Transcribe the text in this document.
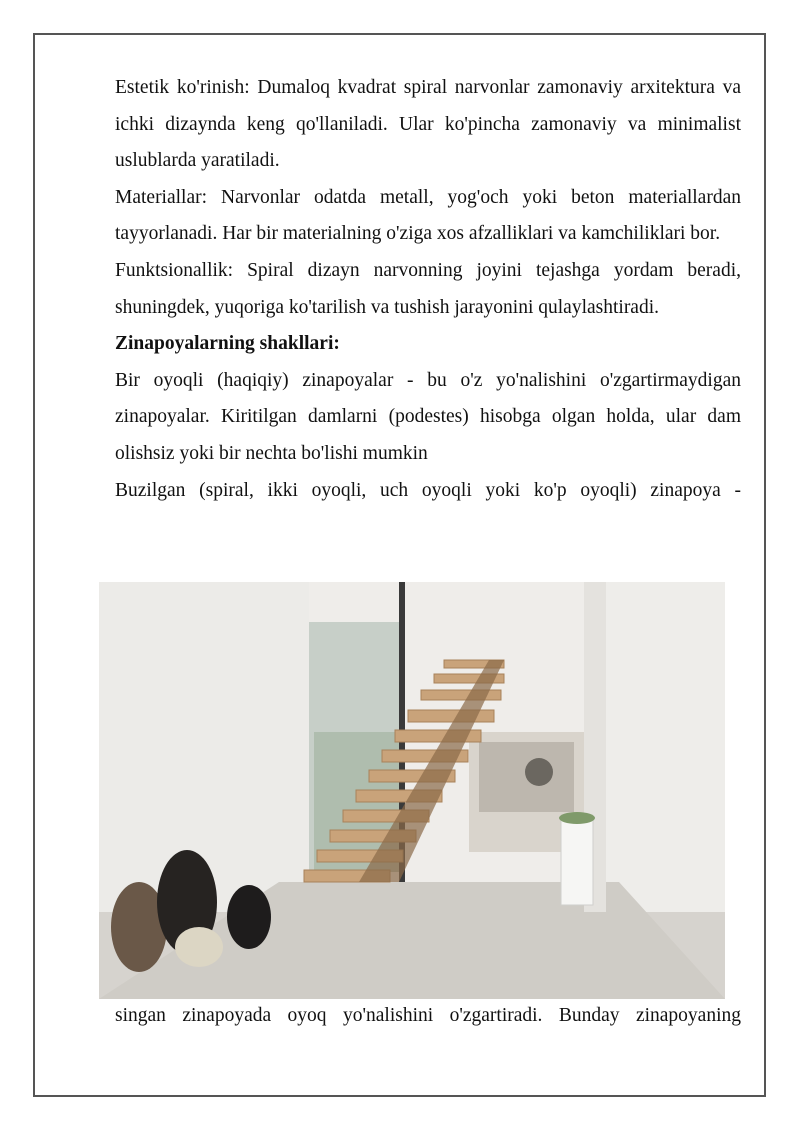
Estetik ko'rinish: Dumaloq kvadrat spiral narvonlar zamonaviy arxitektura va ichki dizaynda keng qo'llaniladi. Ular ko'pincha zamonaviy va minimalist uslublarda yaratiladi.

Materiallar: Narvonlar odatda metall, yog'och yoki beton materiallardan tayyorlanadi. Har bir materialning o'ziga xos afzalliklari va kamchiliklari bor.

Funktsionallik: Spiral dizayn narvonning joyini tejashga yordam beradi, shuningdek, yuqoriga ko'tarilish va tushish jarayonini qulaylashtiradi.

Zinapoyalarning shakllari:

Bir oyoqli (haqiqiy) zinapoyalar - bu o'z yo'nalishini o'zgartirmaydigan zinapoyalar. Kiritilgan damlarni (podestes) hisobga olgan holda, ular dam olishsiz yoki bir nechta bo'lishi mumkin

Buzilgan (spiral, ikki oyoqli, uch oyoqli yoki ko'p oyoqli) zinapoya -

singan zinapoyada oyoq yo'nalishini o'zgartiradi. Bunday zinapoyaning
